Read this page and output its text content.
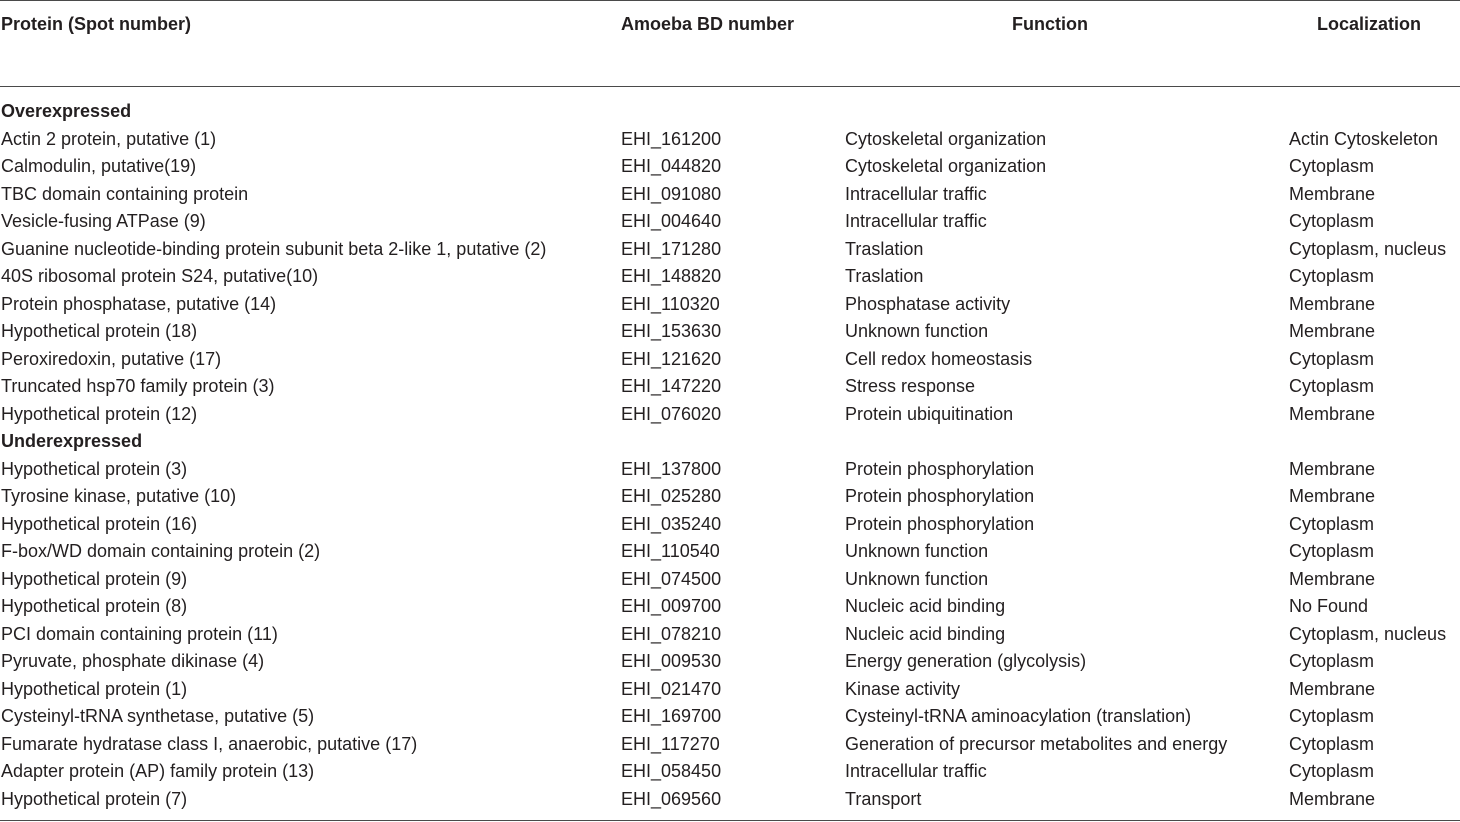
Protein (Spot number)	Amoeba BD number	Function	Localization
Overexpressed
Actin 2 protein, putative (1)	EHI_161200	Cytoskeletal organization	Actin Cytoskeleton
Calmodulin, putative(19)	EHI_044820	Cytoskeletal organization	Cytoplasm
TBC domain containing protein	EHI_091080	Intracellular traffic	Membrane
Vesicle-fusing ATPase (9)	EHI_004640	Intracellular traffic	Cytoplasm
Guanine nucleotide-binding protein subunit beta 2-like 1, putative (2)	EHI_171280	Traslation	Cytoplasm, nucleus
40S ribosomal protein S24, putative(10)	EHI_148820	Traslation	Cytoplasm
Protein phosphatase, putative (14)	EHI_110320	Phosphatase activity	Membrane
Hypothetical protein (18)	EHI_153630	Unknown function	Membrane
Peroxiredoxin, putative (17)	EHI_121620	Cell redox homeostasis	Cytoplasm
Truncated hsp70 family protein (3)	EHI_147220	Stress response	Cytoplasm
Hypothetical protein (12)	EHI_076020	Protein ubiquitination	Membrane
Underexpressed
Hypothetical protein (3)	EHI_137800	Protein phosphorylation	Membrane
Tyrosine kinase, putative (10)	EHI_025280	Protein phosphorylation	Membrane
Hypothetical protein (16)	EHI_035240	Protein phosphorylation	Cytoplasm
F-box/WD domain containing protein (2)	EHI_110540	Unknown function	Cytoplasm
Hypothetical protein (9)	EHI_074500	Unknown function	Membrane
Hypothetical protein (8)	EHI_009700	Nucleic acid binding	No Found
PCI domain containing protein (11)	EHI_078210	Nucleic acid binding	Cytoplasm, nucleus
Pyruvate, phosphate dikinase (4)	EHI_009530	Energy generation (glycolysis)	Cytoplasm
Hypothetical protein (1)	EHI_021470	Kinase activity	Membrane
Cysteinyl-tRNA synthetase, putative (5)	EHI_169700	Cysteinyl-tRNA aminoacylation (translation)	Cytoplasm
Fumarate hydratase class I, anaerobic, putative (17)	EHI_117270	Generation of precursor metabolites and energy	Cytoplasm
Adapter protein (AP) family protein (13)	EHI_058450	Intracellular traffic	Cytoplasm
Hypothetical protein (7)	EHI_069560	Transport	Membrane
